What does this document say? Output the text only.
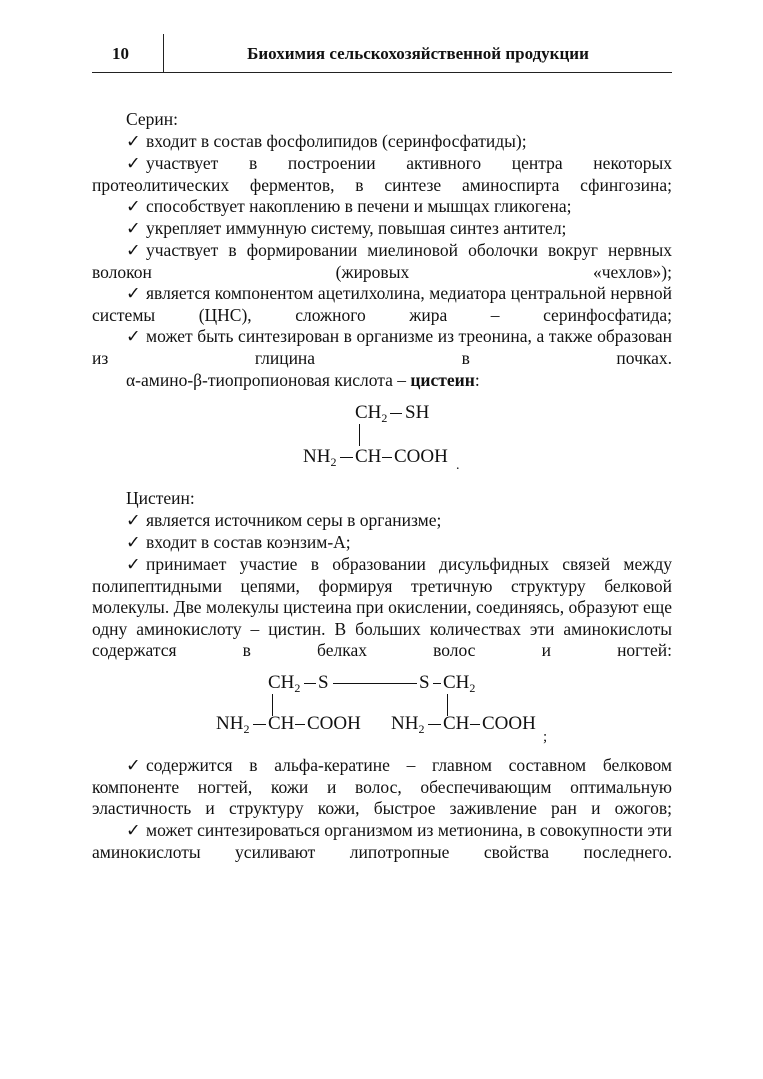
10	Биохимия сельскохозяйственной продукции
Серин:
✓ входит в состав фосфолипидов (серинфосфатиды);
✓ участвует в построении активного центра некоторых протеолитических ферментов, в синтезе аминоспирта сфингозина;
✓ способствует накоплению в печени и мышцах гликогена;
✓ укрепляет иммунную систему, повышая синтез антител;
✓ участвует в формировании миелиновой оболочки вокруг нервных волокон (жировых «чехлов»);
✓ является компонентом ацетилхолина, медиатора центральной нервной системы (ЦНС), сложного жира – серинфосфатида;
✓ может быть синтезирован в организме из треонина, а также образован из глицина в почках.
α-амино-β-тиопропионовая кислота – цистеин:
$CH_2$ SH
$NH_2$ CH COOH .
Цистеин:
✓ является источником серы в организме;
✓ входит в состав коэнзим-А;
✓ принимает участие в образовании дисульфидных связей между полипептидными цепями, формируя третичную структуру белковой молекулы. Две молекулы цистеина при окислении, соединяясь, образуют еще одну аминокислоту – цистин. В больших количествах эти аминокислоты содержатся в белках волос и ногтей:
$CH_2$ S	S $CH_2$
$NH_2$ CH COOH $NH_2$ CH COOH
;
✓ содержится в альфа-кератине – главном составном белковом компоненте ногтей, кожи и волос, обеспечивающим оптимальную эластичность и структуру кожи, быстрое заживление ран и ожогов;
✓ может синтезироваться организмом из метионина, в совокупности эти аминокислоты усиливают липотропные свойства последнего.
